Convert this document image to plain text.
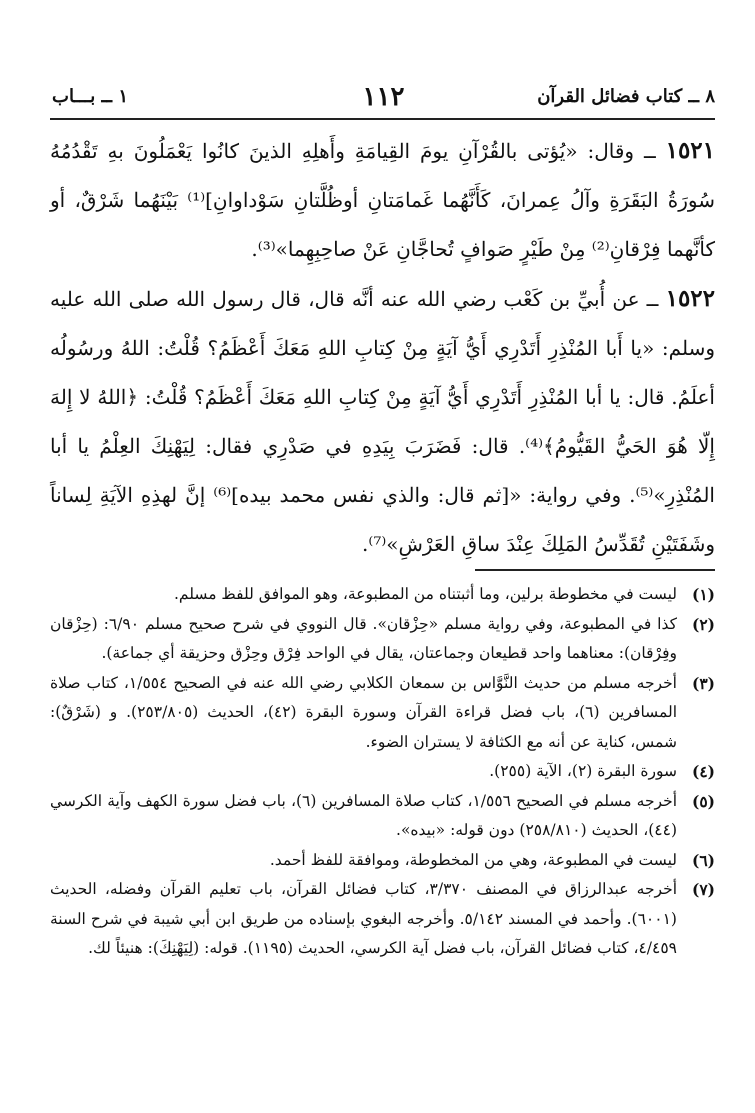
٨ ــ كتاب فضائل القرآن
١١٢
١ ــ بـــاب

١٥٢١ ــ وقال: «يُؤتى بالقُرْآنِ يومَ القِيامَةِ وأَهلِهِ الذينَ كانُوا يَعْمَلُونَ بهِ تَقْدُمُهُ سُورَةُ البَقَرَةِ وآلُ عِمرانَ، كَأَنَّهُما غَمامَتانِ أوظُلَّتانِ سَوْداوانِ]⁽¹⁾ بَيْنَهُما شَرْقٌ، أو كأنَّهما فِرْقانِ⁽²⁾ مِنْ طَيْرٍ صَوافٍ تُحاجَّانِ عَنْ صاحِبِهِما»⁽³⁾.

١٥٢٢ ــ عن أُبيِّ بن كَعْب رضي الله عنه أنَّه قال، قال رسول الله صلى الله عليه وسلم: «يا أَبا المُنْذِرِ أَتَدْرِي أَيُّ آيَةٍ مِنْ كِتابِ اللهِ مَعَكَ أَعْظَمُ؟ قُلْتُ: اللهُ ورسُولُه أعلَمُ. قال: يا أبا المُنْذِرِ أَتَدْرِي أَيُّ آيَةٍ مِنْ كِتابِ اللهِ مَعَكَ أَعْظَمُ؟ قُلْتُ: ﴿اللهُ لا إِلهَ إِلّا هُوَ الحَيُّ القَيُّومُ﴾⁽⁴⁾. قال: فَضَرَبَ بِيَدِهِ في صَدْرِي فقال: لِيَهْنِكَ العِلْمُ يا أبا المُنْذِرِ»⁽⁵⁾. وفي رواية: «[ثم قال: والذي نفس محمد بيده]⁽⁶⁾ إنَّ لهذِهِ الآيَةِ لِساناً وشَفَتَيْنِ تُقَدِّسُ المَلِكَ عِنْدَ ساقِ العَرْشِ»⁽⁷⁾.

(١)
ليست في مخطوطة برلين، وما أثبتناه من المطبوعة، وهو الموافق للفظ مسلم.
(٢)
كذا في المطبوعة، وفي رواية مسلم «حِزْقان». قال النووي في شرح صحيح مسلم ٦/٩٠: (حِزْقان وفِرْقان): معناهما واحد قطيعان وجماعتان، يقال في الواحد فِرْق وحِزْق وحزيقة أي جماعة).
(٣)
أخرجه مسلم من حديث النَّوَّاس بن سمعان الكلابي رضي الله عنه في الصحيح ١/٥٥٤، كتاب صلاة المسافرين (٦)، باب فضل قراءة القرآن وسورة البقرة (٤٢)، الحديث (٢٥٣/٨٠٥). و (شَرْقٌ): شمس، كناية عن أنه مع الكثافة لا يستران الضوء.
(٤)
سورة البقرة (٢)، الآية (٢٥٥).
(٥)
أخرجه مسلم في الصحيح ١/٥٥٦، كتاب صلاة المسافرين (٦)، باب فضل سورة الكهف وآية الكرسي (٤٤)، الحديث (٢٥٨/٨١٠) دون قوله: «بيده».
(٦)
ليست في المطبوعة، وهي من المخطوطة، وموافقة للفظ أحمد.
(٧)
أخرجه عبدالرزاق في المصنف ٣/٣٧٠، كتاب فضائل القرآن، باب تعليم القرآن وفضله، الحديث (٦٠٠١). وأحمد في المسند ٥/١٤٢. وأخرجه البغوي بإسناده من طريق ابن أبي شيبة في شرح السنة ٤/٤٥٩، كتاب فضائل القرآن، باب فضل آية الكرسي، الحديث (١١٩٥). قوله: (لِيَهْنِكَ): هنيئاً لك.
